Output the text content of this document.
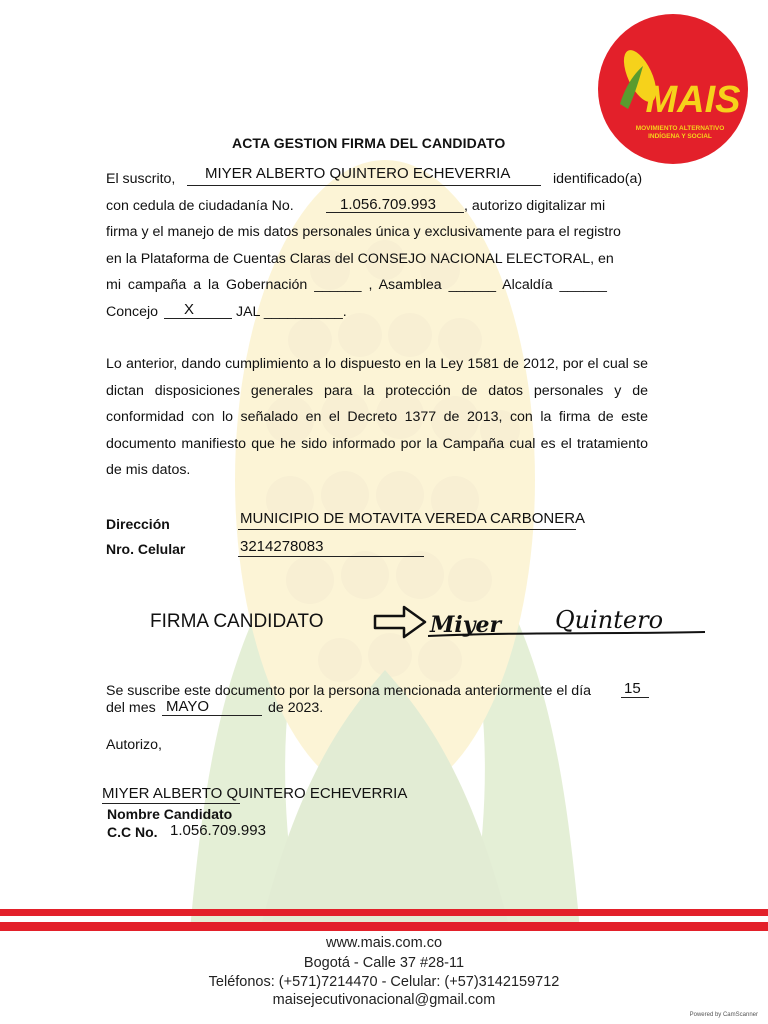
MAIS
MOVIMIENTO ALTERNATIVO
INDÍGENA Y SOCIAL
ACTA GESTION FIRMA DEL CANDIDATO
El suscrito, MIYER ALBERTO QUINTERO ECHEVERRIA	identificado(a)
con cedula de ciudadanía No.	1.056.709.993 , autorizo digitalizar mi
firma y el manejo de mis datos personales única y exclusivamente para el registro
en la Plataforma de Cuentas Claras del CONSEJO NACIONAL ELECTORAL, en
mi campaña a la Gobernación ______ , Asamblea ______ Alcaldía ______
Concejo X	JAL __________.
Lo anterior, dando cumplimiento a lo dispuesto en la Ley 1581 de 2012, por el cual se dictan disposiciones generales para la protección de datos personales y de conformidad con lo señalado en el Decreto 1377 de 2013, con la firma de este documento manifiesto que he sido informado por la Campaña cual es el tratamiento de mis datos.
Dirección	MUNICIPIO DE MOTAVITA VEREDA CARBONERA
Nro. Celular	3214278083
FIRMA CANDIDATO	Miyer Quintero
Se suscribe este documento por la persona mencionada anteriormente el día 15
del mes MAYO	de 2023.
Autorizo,
MIYER ALBERTO QUINTERO ECHEVERRIA
Nombre Candidato
C.C No. 1.056.709.993
www.mais.com.co
Bogotá - Calle 37 #28-11
Teléfonos: (+571)7214470 - Celular: (+57)3142159712
maisejecutivonacional@gmail.com
Powered by CamScanner
